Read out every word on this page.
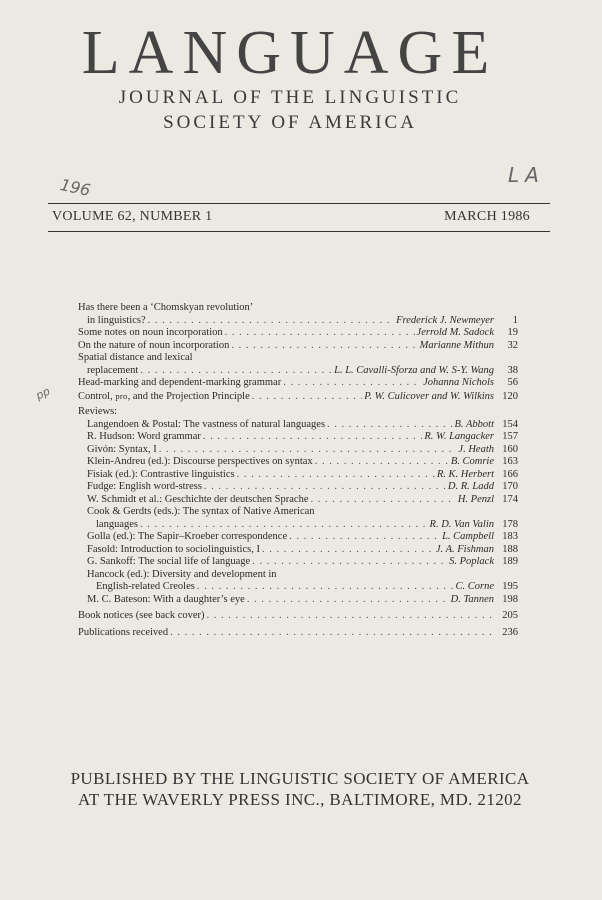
LANGUAGE
JOURNAL OF THE LINGUISTIC
SOCIETY OF AMERICA
196
LA
pp
VOLUME 62, NUMBER 1	MARCH 1986
Has there been a ‘Chomskyan revolution’
in linguistics? . . .	Frederick J. Newmeyer	1
Some notes on noun incorporation . . .	Jerrold M. Sadock	19
On the nature of noun incorporation . . .	Marianne Mithun	32
Spatial distance and lexical
replacement . . .	L. L. Cavalli-Sforza and W. S-Y. Wang	38
Head-marking and dependent-marking grammar . . .	Johanna Nichols	56
Control, pro, and the Projection Principle . . .	P. W. Culicover and W. Wilkins 120
Reviews:
Langendoen & Postal: The vastness of natural languages . . .	B. Abbott 154
R. Hudson: Word grammar . . .	R. W. Langacker 157
Givón: Syntax, I . . .	J. Heath 160
Klein-Andreu (ed.): Discourse perspectives on syntax . . .	B. Comrie 163
Fisiak (ed.): Contrastive linguistics . . .	R. K. Herbert 166
Fudge: English word-stress . . .	D. R. Ladd 170
W. Schmidt et al.: Geschichte der deutschen Sprache . . .	H. Penzl 174
Cook & Gerdts (eds.): The syntax of Native American
languages . . .	R. D. Van Valin 178
Golla (ed.): The Sapir–Kroeber correspondence . . .	L. Campbell 183
Fasold: Introduction to sociolinguistics, I . . .	J. A. Fishman 188
G. Sankoff: The social life of language . . .	S. Poplack 189
Hancock (ed.): Diversity and development in
English-related Creoles . . .	C. Corne 195
M. C. Bateson: With a daughter’s eye . . .	D. Tannen 198
Book notices (see back cover) . . .	205
Publications received . . .	236
PUBLISHED BY THE LINGUISTIC SOCIETY OF AMERICA
AT THE WAVERLY PRESS INC., BALTIMORE, MD. 21202
